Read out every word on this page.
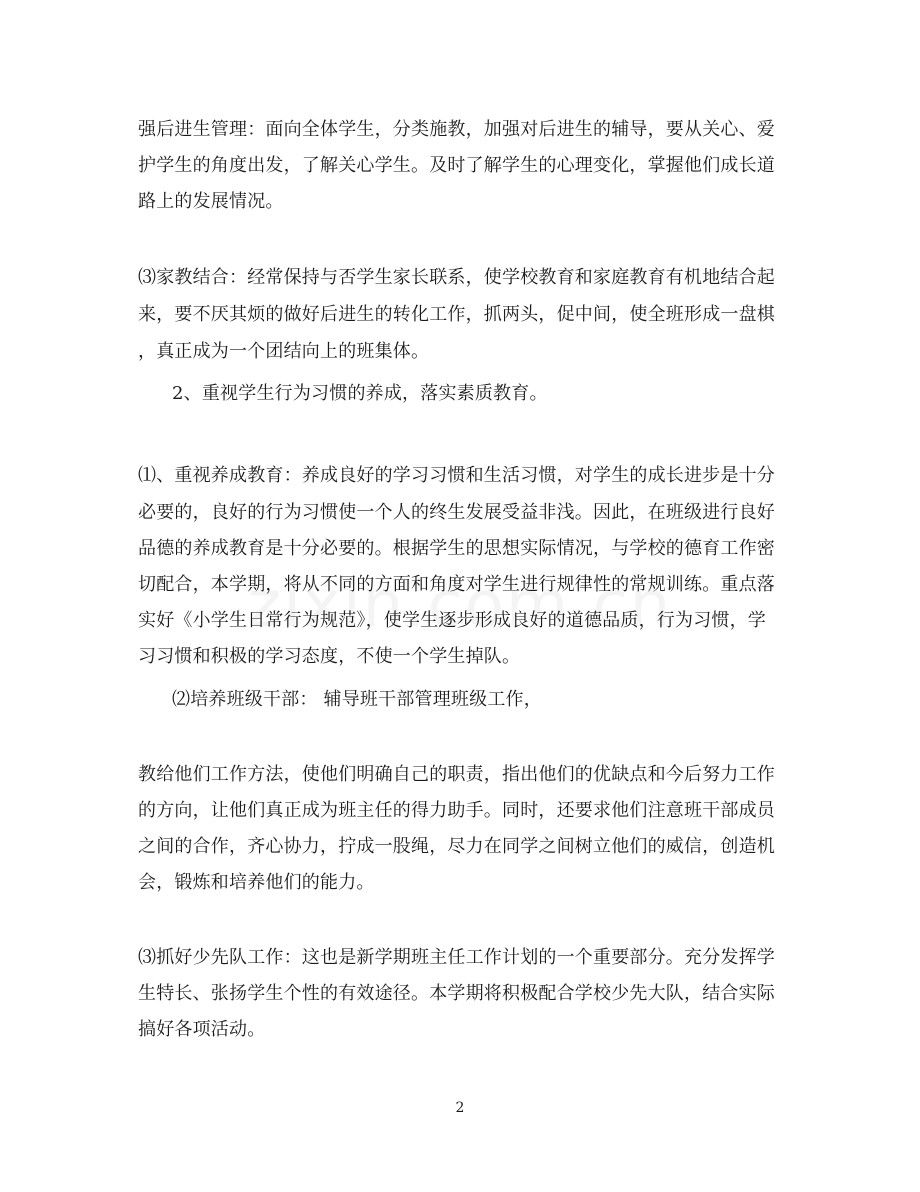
强后进生管理：面向全体学生，分类施教，加强对后进生的辅导，要从关心、爱
护学生的角度出发，了解关心学生。及时了解学生的心理变化，掌握他们成长道
路上的发展情况。
⑶家教结合：经常保持与否学生家长联系，使学校教育和家庭教育有机地结合起
来，要不厌其烦的做好后进生的转化工作，抓两头，促中间，使全班形成一盘棋
，真正成为一个团结向上的班集体。
2、重视学生行为习惯的养成，落实素质教育。
⑴、重视养成教育：养成良好的学习习惯和生活习惯，对学生的成长进步是十分
必要的，良好的行为习惯使一个人的终生发展受益非浅。因此，在班级进行良好
品德的养成教育是十分必要的。根据学生的思想实际情况，与学校的德育工作密
切配合，本学期，将从不同的方面和角度对学生进行规律性的常规训练。重点落
实好《小学生日常行为规范》，使学生逐步形成良好的道德品质，行为习惯，学
习习惯和积极的学习态度，不使一个学生掉队。
⑵培养班级干部： 辅导班干部管理班级工作，
教给他们工作方法，使他们明确自己的职责，指出他们的优缺点和今后努力工作
的方向，让他们真正成为班主任的得力助手。同时，还要求他们注意班干部成员
之间的合作，齐心协力，拧成一股绳，尽力在同学之间树立他们的威信，创造机
会，锻炼和培养他们的能力。
⑶抓好少先队工作：这也是新学期班主任工作计划的一个重要部分。充分发挥学
生特长、张扬学生个性的有效途径。本学期将积极配合学校少先大队，结合实际
搞好各项活动。
2
